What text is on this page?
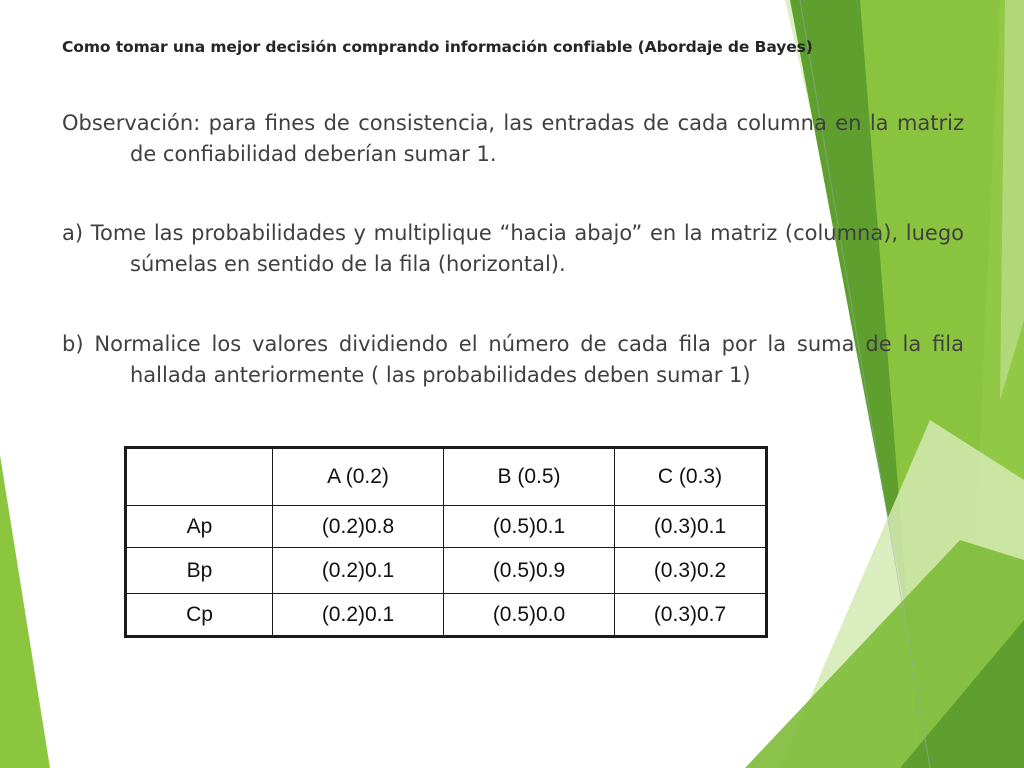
Como tomar una mejor decisión comprando información confiable (Abordaje de Bayes)
Observación: para fines de consistencia, las entradas de cada columna en la matriz de confiabilidad deberían sumar 1.
a) Tome las probabilidades y multiplique “hacia abajo” en la matriz (columna), luego súmelas en sentido de la fila (horizontal).
b) Normalice los valores dividiendo el número de cada fila por la suma de la fila hallada anteriormente ( las probabilidades deben sumar 1)
	A (0.2)	B (0.5)	C (0.3)
Ap	(0.2)0.8	(0.5)0.1	(0.3)0.1
Bp	(0.2)0.1	(0.5)0.9	(0.3)0.2
Cp	(0.2)0.1	(0.5)0.0	(0.3)0.7
